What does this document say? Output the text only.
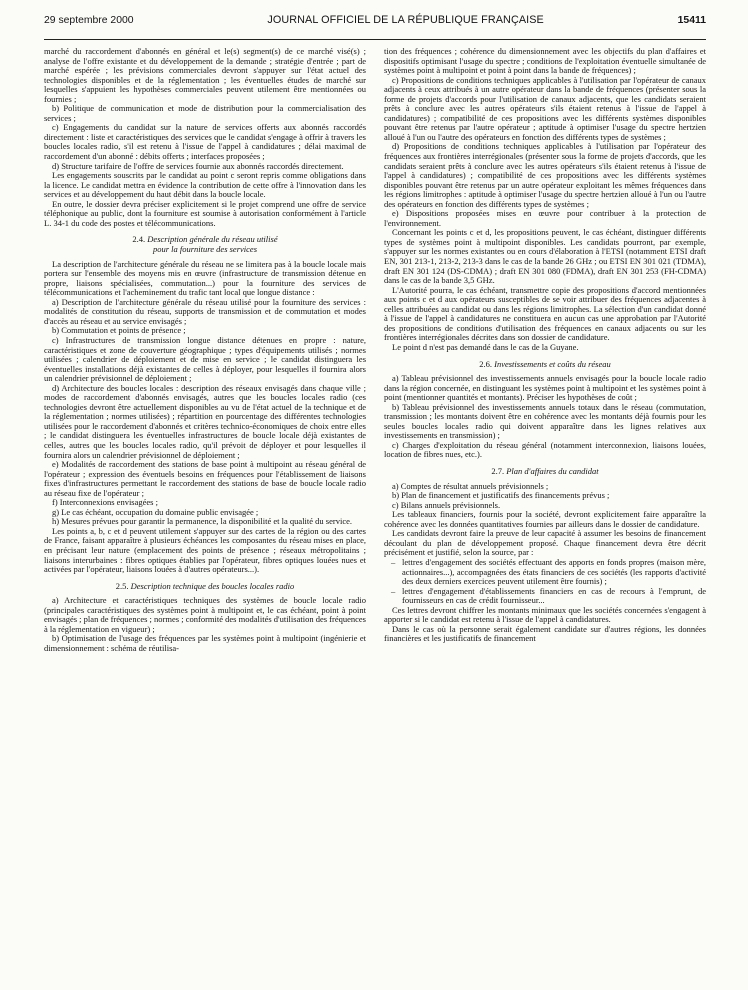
29 septembre 2000	JOURNAL OFFICIEL DE LA RÉPUBLIQUE FRANÇAISE	15411

marché du raccordement d'abonnés en général et le(s) segment(s) de ce marché visé(s) ; analyse de l'offre existante et du développement de la demande ; stratégie d'entrée ; part de marché espérée ; les prévisions commerciales devront s'appuyer sur l'état actuel des technologies disponibles et de la réglementation ; les éventuelles études de marché sur lesquelles s'appuient les hypothèses commerciales peuvent utilement être mentionnées ou fournies ;

b) Politique de communication et mode de distribution pour la commercialisation des services ;

c) Engagements du candidat sur la nature de services offerts aux abonnés raccordés directement : liste et caractéristiques des services que le candidat s'engage à offrir à travers les boucles locales radio, s'il est retenu à l'issue de l'appel à candidatures ; délai maximal de raccordement d'un abonné : débits offerts ; interfaces proposées ;

d) Structure tarifaire de l'offre de services fournie aux abonnés raccordés directement.

Les engagements souscrits par le candidat au point c seront repris comme obligations dans la licence. Le candidat mettra en évidence la contribution de cette offre à l'innovation dans les services et au développement du haut débit dans la boucle locale.

En outre, le dossier devra préciser explicitement si le projet comprend une offre de service téléphonique au public, dont la fourniture est soumise à autorisation conformément à l'article L. 34-1 du code des postes et télécommunications.

2.4. Description générale du réseau utilisé
pour la fourniture des services

La description de l'architecture générale du réseau ne se limitera pas à la boucle locale mais portera sur l'ensemble des moyens mis en œuvre (infrastructure de transmission détenue en propre, liaisons spécialisées, commutation...) pour la fourniture des services de télécommunications et l'acheminement du trafic tant local que longue distance :

a) Description de l'architecture générale du réseau utilisé pour la fourniture des services : modalités de constitution du réseau, supports de transmission et de commutation et modes d'accès au réseau et au service envisagés ;

b) Commutation et points de présence ;

c) Infrastructures de transmission longue distance détenues en propre : nature, caractéristiques et zone de couverture géographique ; types d'équipements utilisés ; normes utilisées ; calendrier de déploiement et de mise en service ; le candidat distinguera les éventuelles installations déjà existantes de celles à déployer, pour lesquelles il fournira alors un calendrier prévisionnel de déploiement ;

d) Architecture des boucles locales : description des réseaux envisagés dans chaque ville ; modes de raccordement d'abonnés envisagés, autres que les boucles locales radio (ces technologies devront être actuellement disponibles au vu de l'état actuel de la technique et de la réglementation ; normes utilisées) ; répartition en pourcentage des différentes technologies utilisées pour le raccordement d'abonnés et critères technico-économiques de choix entre elles ; le candidat distinguera les éventuelles infrastructures de boucle locale déjà existantes de celles, autres que les boucles locales radio, qu'il prévoit de déployer et pour lesquelles il fournira alors un calendrier prévisionnel de déploiement ;

e) Modalités de raccordement des stations de base point à multipoint au réseau général de l'opérateur ; expression des éventuels besoins en fréquences pour l'établissement de liaisons fixes d'infrastructures permettant le raccordement des stations de base de boucle locale radio au réseau fixe de l'opérateur ;

f) Interconnexions envisagées ;

g) Le cas échéant, occupation du domaine public envisagée ;

h) Mesures prévues pour garantir la permanence, la disponibilité et la qualité du service.

Les points a, b, c et d peuvent utilement s'appuyer sur des cartes de la région ou des cartes de France, faisant apparaître à plusieurs échéances les composantes du réseau mises en place, en précisant leur nature (emplacement des points de présence ; réseaux métropolitains ; liaisons interurbaines : fibres optiques établies par l'opérateur, fibres optiques louées nues et activées par l'opérateur, liaisons louées à d'autres opérateurs...).

2.5. Description technique des boucles locales radio

a) Architecture et caractéristiques techniques des systèmes de boucle locale radio (principales caractéristiques des systèmes point à multipoint et, le cas échéant, point à point envisagés ; plan de fréquences ; normes ; conformité des modalités d'utilisation des fréquences à la réglementation en vigueur) ;

b) Optimisation de l'usage des fréquences par les systèmes point à multipoint (ingénierie et dimensionnement : schéma de réutilisa-

tion des fréquences ; cohérence du dimensionnement avec les objectifs du plan d'affaires et dispositifs optimisant l'usage du spectre ; conditions de l'exploitation éventuelle simultanée de systèmes point à multipoint et point à point dans la bande de fréquences) ;

c) Propositions de conditions techniques applicables à l'utilisation par l'opérateur de canaux adjacents à ceux attribués à un autre opérateur dans la bande de fréquences (présenter sous la forme de projets d'accords pour l'utilisation de canaux adjacents, que les candidats seraient prêts à conclure avec les autres opérateurs s'ils étaient retenus à l'issue de l'appel à candidatures) ; compatibilité de ces propositions avec les différents systèmes disponibles pouvant être retenus par l'autre opérateur ; aptitude à optimiser l'usage du spectre hertzien alloué à l'un ou l'autre des opérateurs en fonction des différents types de systèmes ;

d) Propositions de conditions techniques applicables à l'utilisation par l'opérateur des fréquences aux frontières interrégionales (présenter sous la forme de projets d'accords, que les candidats seraient prêts à conclure avec les autres opérateurs s'ils étaient retenus à l'issue de l'appel à candidatures) ; compatibilité de ces propositions avec les différents systèmes disponibles pouvant être retenus par un autre opérateur exploitant les mêmes fréquences dans les régions limitrophes : aptitude à optimiser l'usage du spectre hertzien alloué à l'un ou l'autre des opérateurs en fonction des différents types de systèmes ;

e) Dispositions proposées mises en œuvre pour contribuer à la protection de l'environnement.

Concernant les points c et d, les propositions peuvent, le cas échéant, distinguer différents types de systèmes point à multipoint disponibles. Les candidats pourront, par exemple, s'appuyer sur les normes existantes ou en cours d'élaboration à l'ETSI (notamment ETSI draft EN, 301 213-1, 213-2, 213-3 dans le cas de la bande 26 GHz ; ou ETSI EN 301 021 (TDMA), draft EN 301 124 (DS-CDMA) ; draft EN 301 080 (FDMA), draft EN 301 253 (FH-CDMA) dans le cas de la bande 3,5 GHz.

L'Autorité pourra, le cas échéant, transmettre copie des propositions d'accord mentionnées aux points c et d aux opérateurs susceptibles de se voir attribuer des fréquences adjacentes à celles attribuées au candidat ou dans les régions limitrophes. La sélection d'un candidat donné à l'issue de l'appel à candidatures ne constituera en aucun cas une approbation par l'Autorité des propositions de conditions d'utilisation des fréquences en canaux adjacents ou sur les frontières interrégionales décrites dans son dossier de candidature.

Le point d n'est pas demandé dans le cas de la Guyane.

2.6. Investissements et coûts du réseau

a) Tableau prévisionnel des investissements annuels envisagés pour la boucle locale radio dans la région concernée, en distinguant les systèmes point à multipoint et les systèmes point à point (mentionner quantités et montants). Préciser les hypothèses de coût ;

b) Tableau prévisionnel des investissements annuels totaux dans le réseau (commutation, transmission ; les montants doivent être en cohérence avec les montants déjà fournis pour les seules boucles locales radio qui doivent apparaître dans les lignes relatives aux investissements en transmission) ;

c) Charges d'exploitation du réseau général (notamment interconnexion, liaisons louées, location de fibres nues, etc.).

2.7. Plan d'affaires du candidat

a) Comptes de résultat annuels prévisionnels ;

b) Plan de financement et justificatifs des financements prévus ;

c) Bilans annuels prévisionnels.

Les tableaux financiers, fournis pour la société, devront explicitement faire apparaître la cohérence avec les données quantitatives fournies par ailleurs dans le dossier de candidature.

Les candidats devront faire la preuve de leur capacité à assumer les besoins de financement découlant du plan de développement proposé. Chaque financement devra être décrit précisément et justifié, selon la source, par :

– lettres d'engagement des sociétés effectuant des apports en fonds propres (maison mère, actionnaires...), accompagnées des états financiers de ces sociétés (les rapports d'activité des deux derniers exercices peuvent utilement être fournis) ;
– lettres d'engagement d'établissements financiers en cas de recours à l'emprunt, de fournisseurs en cas de crédit fournisseur...

Ces lettres devront chiffrer les montants minimaux que les sociétés concernées s'engagent à apporter si le candidat est retenu à l'issue de l'appel à candidatures.

Dans le cas où la personne serait également candidate sur d'autres régions, les données financières et les justificatifs de financement
